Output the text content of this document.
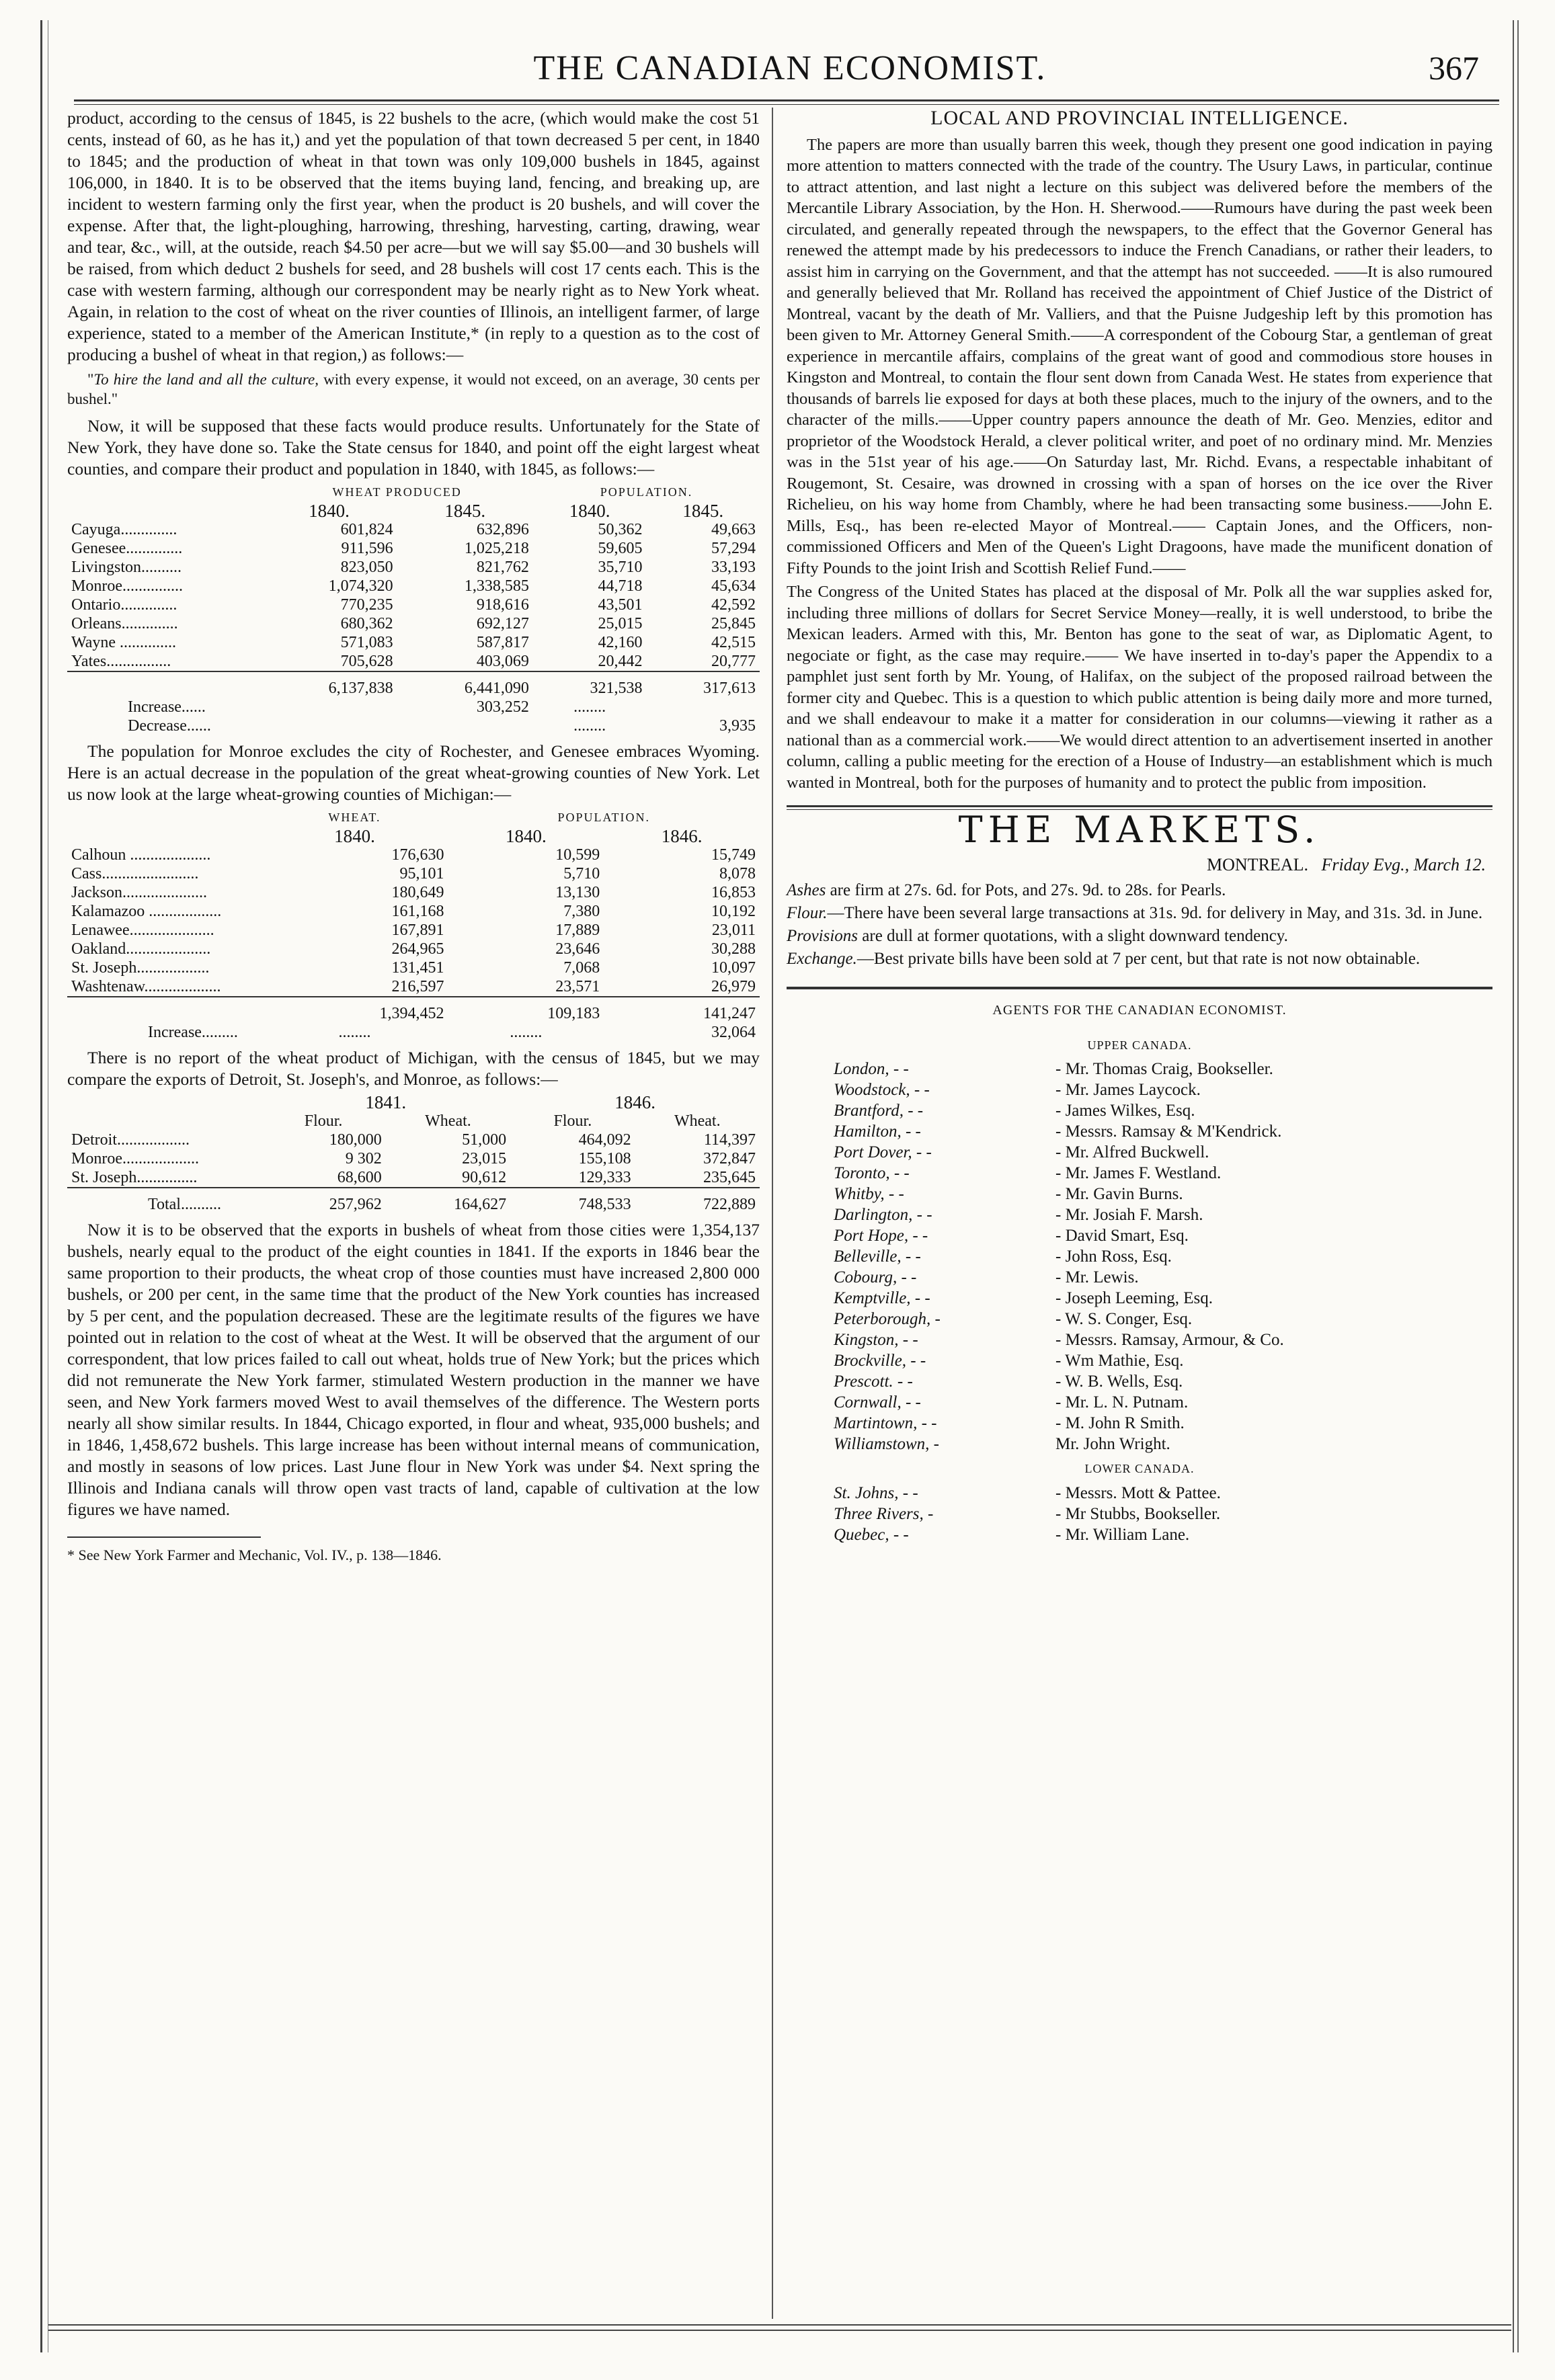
THE CANADIAN ECONOMIST.	367

product, according to the census of 1845, is 22 bushels to the acre, (which would make the cost 51 cents, instead of 60, as he has it,) and yet the population of that town decreased 5 per cent, in 1840 to 1845; and the production of wheat in that town was only 109,000 bushels in 1845, against 106,000, in 1840. It is to be observed that the items buying land, fencing, and breaking up, are incident to western farming only the first year, when the product is 20 bushels, and will cover the expense. After that, the light-ploughing, harrowing, threshing, harvesting, carting, drawing, wear and tear, &c., will, at the outside, reach $4.50 per acre—but we will say $5.00—and 30 bushels will be raised, from which deduct 2 bushels for seed, and 28 bushels will cost 17 cents each. This is the case with western farming, although our correspondent may be nearly right as to New York wheat. Again, in relation to the cost of wheat on the river counties of Illinois, an intelligent farmer, of large experience, stated to a member of the American Institute,* (in reply to a question as to the cost of producing a bushel of wheat in that region,) as follows:—

"To hire the land and all the culture, with every expense, it would not exceed, on an average, 30 cents per bushel."

Now, it will be supposed that these facts would produce results. Unfortunately for the State of New York, they have done so. Take the State census for 1840, and point off the eight largest wheat counties, and compare their product and population in 1840, with 1845, as follows:—

	WHEAT PRODUCED		POPULATION.	
	1840.	1845.	1840.	1845.
Cayuga..............	601,824	632,896	50,362	49,663
Genesee..............	911,596	1,025,218	59,605	57,294
Livingston..........	823,050	821,762	35,710	33,193
Monroe...............	1,074,320	1,338,585	44,718	45,634
Ontario..............	770,235	918,616	43,501	42,592
Orleans..............	680,362	692,127	25,015	25,845
Wayne ..............	571,083	587,817	42,160	42,515
Yates................	705,628	403,069	20,442	20,777
	6,137,838	6,441,090	321,538	317,613
Increase......		303,252	........	
Decrease......			........	3,935

The population for Monroe excludes the city of Rochester, and Genesee embraces Wyoming. Here is an actual decrease in the population of the great wheat-growing counties of New York. Let us now look at the large wheat-growing counties of Michigan:—

	WHEAT.	POPULATION.	
	1840.	1840.	1846.
Calhoun ....................	176,630	10,599	15,749
Cass........................	95,101	5,710	8,078
Jackson.....................	180,649	13,130	16,853
Kalamazoo ..................	161,168	7,380	10,192
Lenawee.....................	167,891	17,889	23,011
Oakland.....................	264,965	23,646	30,288
St. Joseph..................	131,451	7,068	10,097
Washtenaw...................	216,597	23,571	26,979
	1,394,452	109,183	141,247
Increase.........	........	........	32,064

There is no report of the wheat product of Michigan, with the census of 1845, but we may compare the exports of Detroit, St. Joseph's, and Monroe, as follows:—

	1841.		1846.	
	Flour.	Wheat.	Flour.	Wheat.
Detroit..................	180,000	51,000	464,092	114,397
Monroe...................	9 302	23,015	155,108	372,847
St. Joseph...............	68,600	90,612	129,333	235,645
Total..........	257,962	164,627	748,533	722,889

Now it is to be observed that the exports in bushels of wheat from those cities were 1,354,137 bushels, nearly equal to the product of the eight counties in 1841. If the exports in 1846 bear the same proportion to their products, the wheat crop of those counties must have increased 2,800 000 bushels, or 200 per cent, in the same time that the product of the New York counties has increased by 5 per cent, and the population decreased. These are the legitimate results of the figures we have pointed out in relation to the cost of wheat at the West. It will be observed that the argument of our correspondent, that low prices failed to call out wheat, holds true of New York; but the prices which did not remunerate the New York farmer, stimulated Western production in the manner we have seen, and New York farmers moved West to avail themselves of the difference. The Western ports nearly all show similar results. In 1844, Chicago exported, in flour and wheat, 935,000 bushels; and in 1846, 1,458,672 bushels. This large increase has been without internal means of communication, and mostly in seasons of low prices. Last June flour in New York was under $4. Next spring the Illinois and Indiana canals will throw open vast tracts of land, capable of cultivation at the low figures we have named.

* See New York Farmer and Mechanic, Vol. IV., p. 138—1846.

LOCAL AND PROVINCIAL INTELLIGENCE.

The papers are more than usually barren this week, though they present one good indication in paying more attention to matters connected with the trade of the country. The Usury Laws, in particular, continue to attract attention, and last night a lecture on this subject was delivered before the members of the Mercantile Library Association, by the Hon. H. Sherwood.——Rumours have during the past week been circulated, and generally repeated through the newspapers, to the effect that the Governor General has renewed the attempt made by his predecessors to induce the French Canadians, or rather their leaders, to assist him in carrying on the Government, and that the attempt has not succeeded. ——It is also rumoured and generally believed that Mr. Rolland has received the appointment of Chief Justice of the District of Montreal, vacant by the death of Mr. Valliers, and that the Puisne Judgeship left by this promotion has been given to Mr. Attorney General Smith.——A correspondent of the Cobourg Star, a gentleman of great experience in mercantile affairs, complains of the great want of good and commodious store houses in Kingston and Montreal, to contain the flour sent down from Canada West. He states from experience that thousands of barrels lie exposed for days at both these places, much to the injury of the owners, and to the character of the mills.——Upper country papers announce the death of Mr. Geo. Menzies, editor and proprietor of the Woodstock Herald, a clever political writer, and poet of no ordinary mind. Mr. Menzies was in the 51st year of his age.——On Saturday last, Mr. Richd. Evans, a respectable inhabitant of Rougemont, St. Cesaire, was drowned in crossing with a span of horses on the ice over the River Richelieu, on his way home from Chambly, where he had been transacting some business.——John E. Mills, Esq., has been re-elected Mayor of Montreal.—— Captain Jones, and the Officers, non-commissioned Officers and Men of the Queen's Light Dragoons, have made the munificent donation of Fifty Pounds to the joint Irish and Scottish Relief Fund.——

The Congress of the United States has placed at the disposal of Mr. Polk all the war supplies asked for, including three millions of dollars for Secret Service Money—really, it is well understood, to bribe the Mexican leaders. Armed with this, Mr. Benton has gone to the seat of war, as Diplomatic Agent, to negociate or fight, as the case may require.—— We have inserted in to-day's paper the Appendix to a pamphlet just sent forth by Mr. Young, of Halifax, on the subject of the proposed railroad between the former city and Quebec. This is a question to which public attention is being daily more and more turned, and we shall endeavour to make it a matter for consideration in our columns—viewing it rather as a national than as a commercial work.——We would direct attention to an advertisement inserted in another column, calling a public meeting for the erection of a House of Industry—an establishment which is much wanted in Montreal, both for the purposes of humanity and to protect the public from imposition.

THE MARKETS.
MONTREAL. Friday Evg., March 12.

Ashes are firm at 27s. 6d. for Pots, and 27s. 9d. to 28s. for Pearls.

Flour.—There have been several large transactions at 31s. 9d. for delivery in May, and 31s. 3d. in June.

Provisions are dull at former quotations, with a slight downward tendency.

Exchange.—Best private bills have been sold at 7 per cent, but that rate is not now obtainable.

AGENTS FOR THE CANADIAN ECONOMIST.
UPPER CANADA.
London, - -	- Mr. Thomas Craig, Bookseller.
Woodstock, - -	- Mr. James Laycock.
Brantford, - -	- James Wilkes, Esq.
Hamilton, - -	- Messrs. Ramsay & M'Kendrick.
Port Dover, - -	- Mr. Alfred Buckwell.
Toronto, - -	- Mr. James F. Westland.
Whitby, - -	- Mr. Gavin Burns.
Darlington, - -	- Mr. Josiah F. Marsh.
Port Hope, - -	- David Smart, Esq.
Belleville, - -	- John Ross, Esq.
Cobourg, - -	- Mr. Lewis.
Kemptville, - -	- Joseph Leeming, Esq.
Peterborough, -	- W. S. Conger, Esq.
Kingston, - -	- Messrs. Ramsay, Armour, & Co.
Brockville, - -	- Wm Mathie, Esq.
Prescott. - -	- W. B. Wells, Esq.
Cornwall, - -	- Mr. L. N. Putnam.
Martintown, - -	- M. John R Smith.
Williamstown, -	Mr. John Wright.
LOWER CANADA.
St. Johns, - -	- Messrs. Mott & Pattee.
Three Rivers, -	- Mr Stubbs, Bookseller.
Quebec, - -	- Mr. William Lane.
